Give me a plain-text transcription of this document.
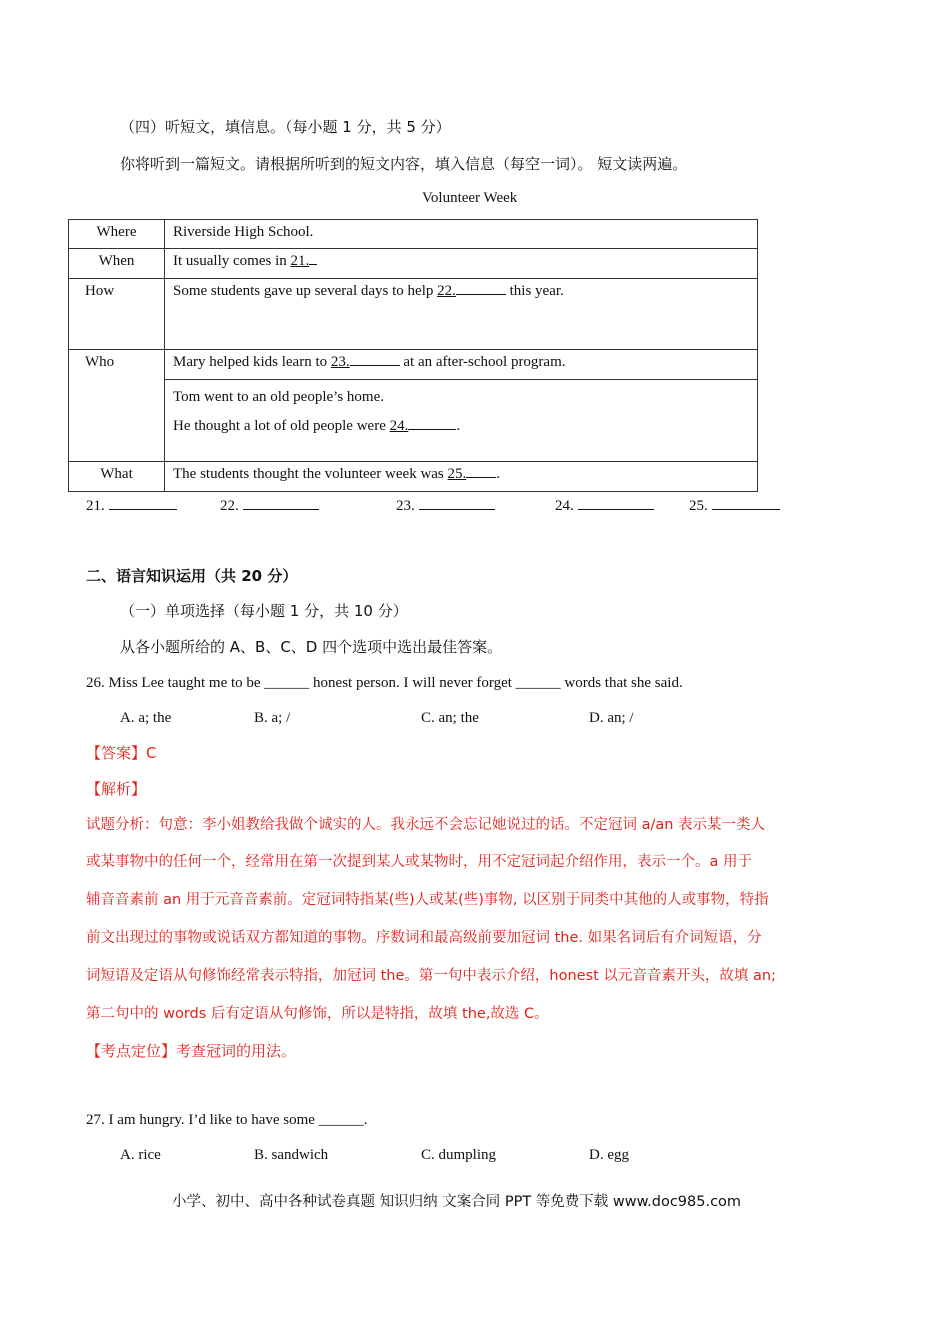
（四）听短文，填信息。（每小题 1 分，共 5 分）
你将听到一篇短文。请根据所听到的短文内容，填入信息（每空一词）。 短文读两遍。
Volunteer Week
Where	Riverside High School.
When	It usually comes in 21.
How	Some students gave up several days to help 22. this year.
Who	Mary helped kids learn to 23. at an after-school program.

	Tom went to an old people’s home.
He thought a lot of old people were 24. .

What	The students thought the volunteer week was 25. .
21.	22.	23.	24.	25.
二、语言知识运用（共 20 分）
（一）单项选择（每小题 1 分，共 10 分）
从各小题所给的 A、B、C、D 四个选项中选出最佳答案。
26. Miss Lee taught me to be ______ honest person. I will never forget ______ words that she said.
A. a; the	B. a; /	C. an; the	D. an; /
【答案】C
【解析】
试题分析：句意：李小姐教给我做个诚实的人。我永远不会忘记她说过的话。不定冠词 a/an 表示某一类人
或某事物中的任何一个，经常用在第一次提到某人或某物时，用不定冠词起介绍作用，表示一个。a 用于
辅音音素前 an 用于元音音素前。定冠词特指某(些)人或某(些)事物, 以区别于同类中其他的人或事物，特指
前文出现过的事物或说话双方都知道的事物。序数词和最高级前要加冠词 the. 如果名词后有介词短语，分
词短语及定语从句修饰经常表示特指，加冠词 the。第一句中表示介绍，honest 以元音音素开头，故填 an;
第二句中的 words 后有定语从句修饰，所以是特指，故填 the,故选 C。
【考点定位】考查冠词的用法。
27. I am hungry. I’d like to have some ______.
A. rice	B. sandwich	C. dumpling	D. egg
小学、初中、高中各种试卷真题 知识归纳 文案合同 PPT 等免费下载 www.doc985.com
